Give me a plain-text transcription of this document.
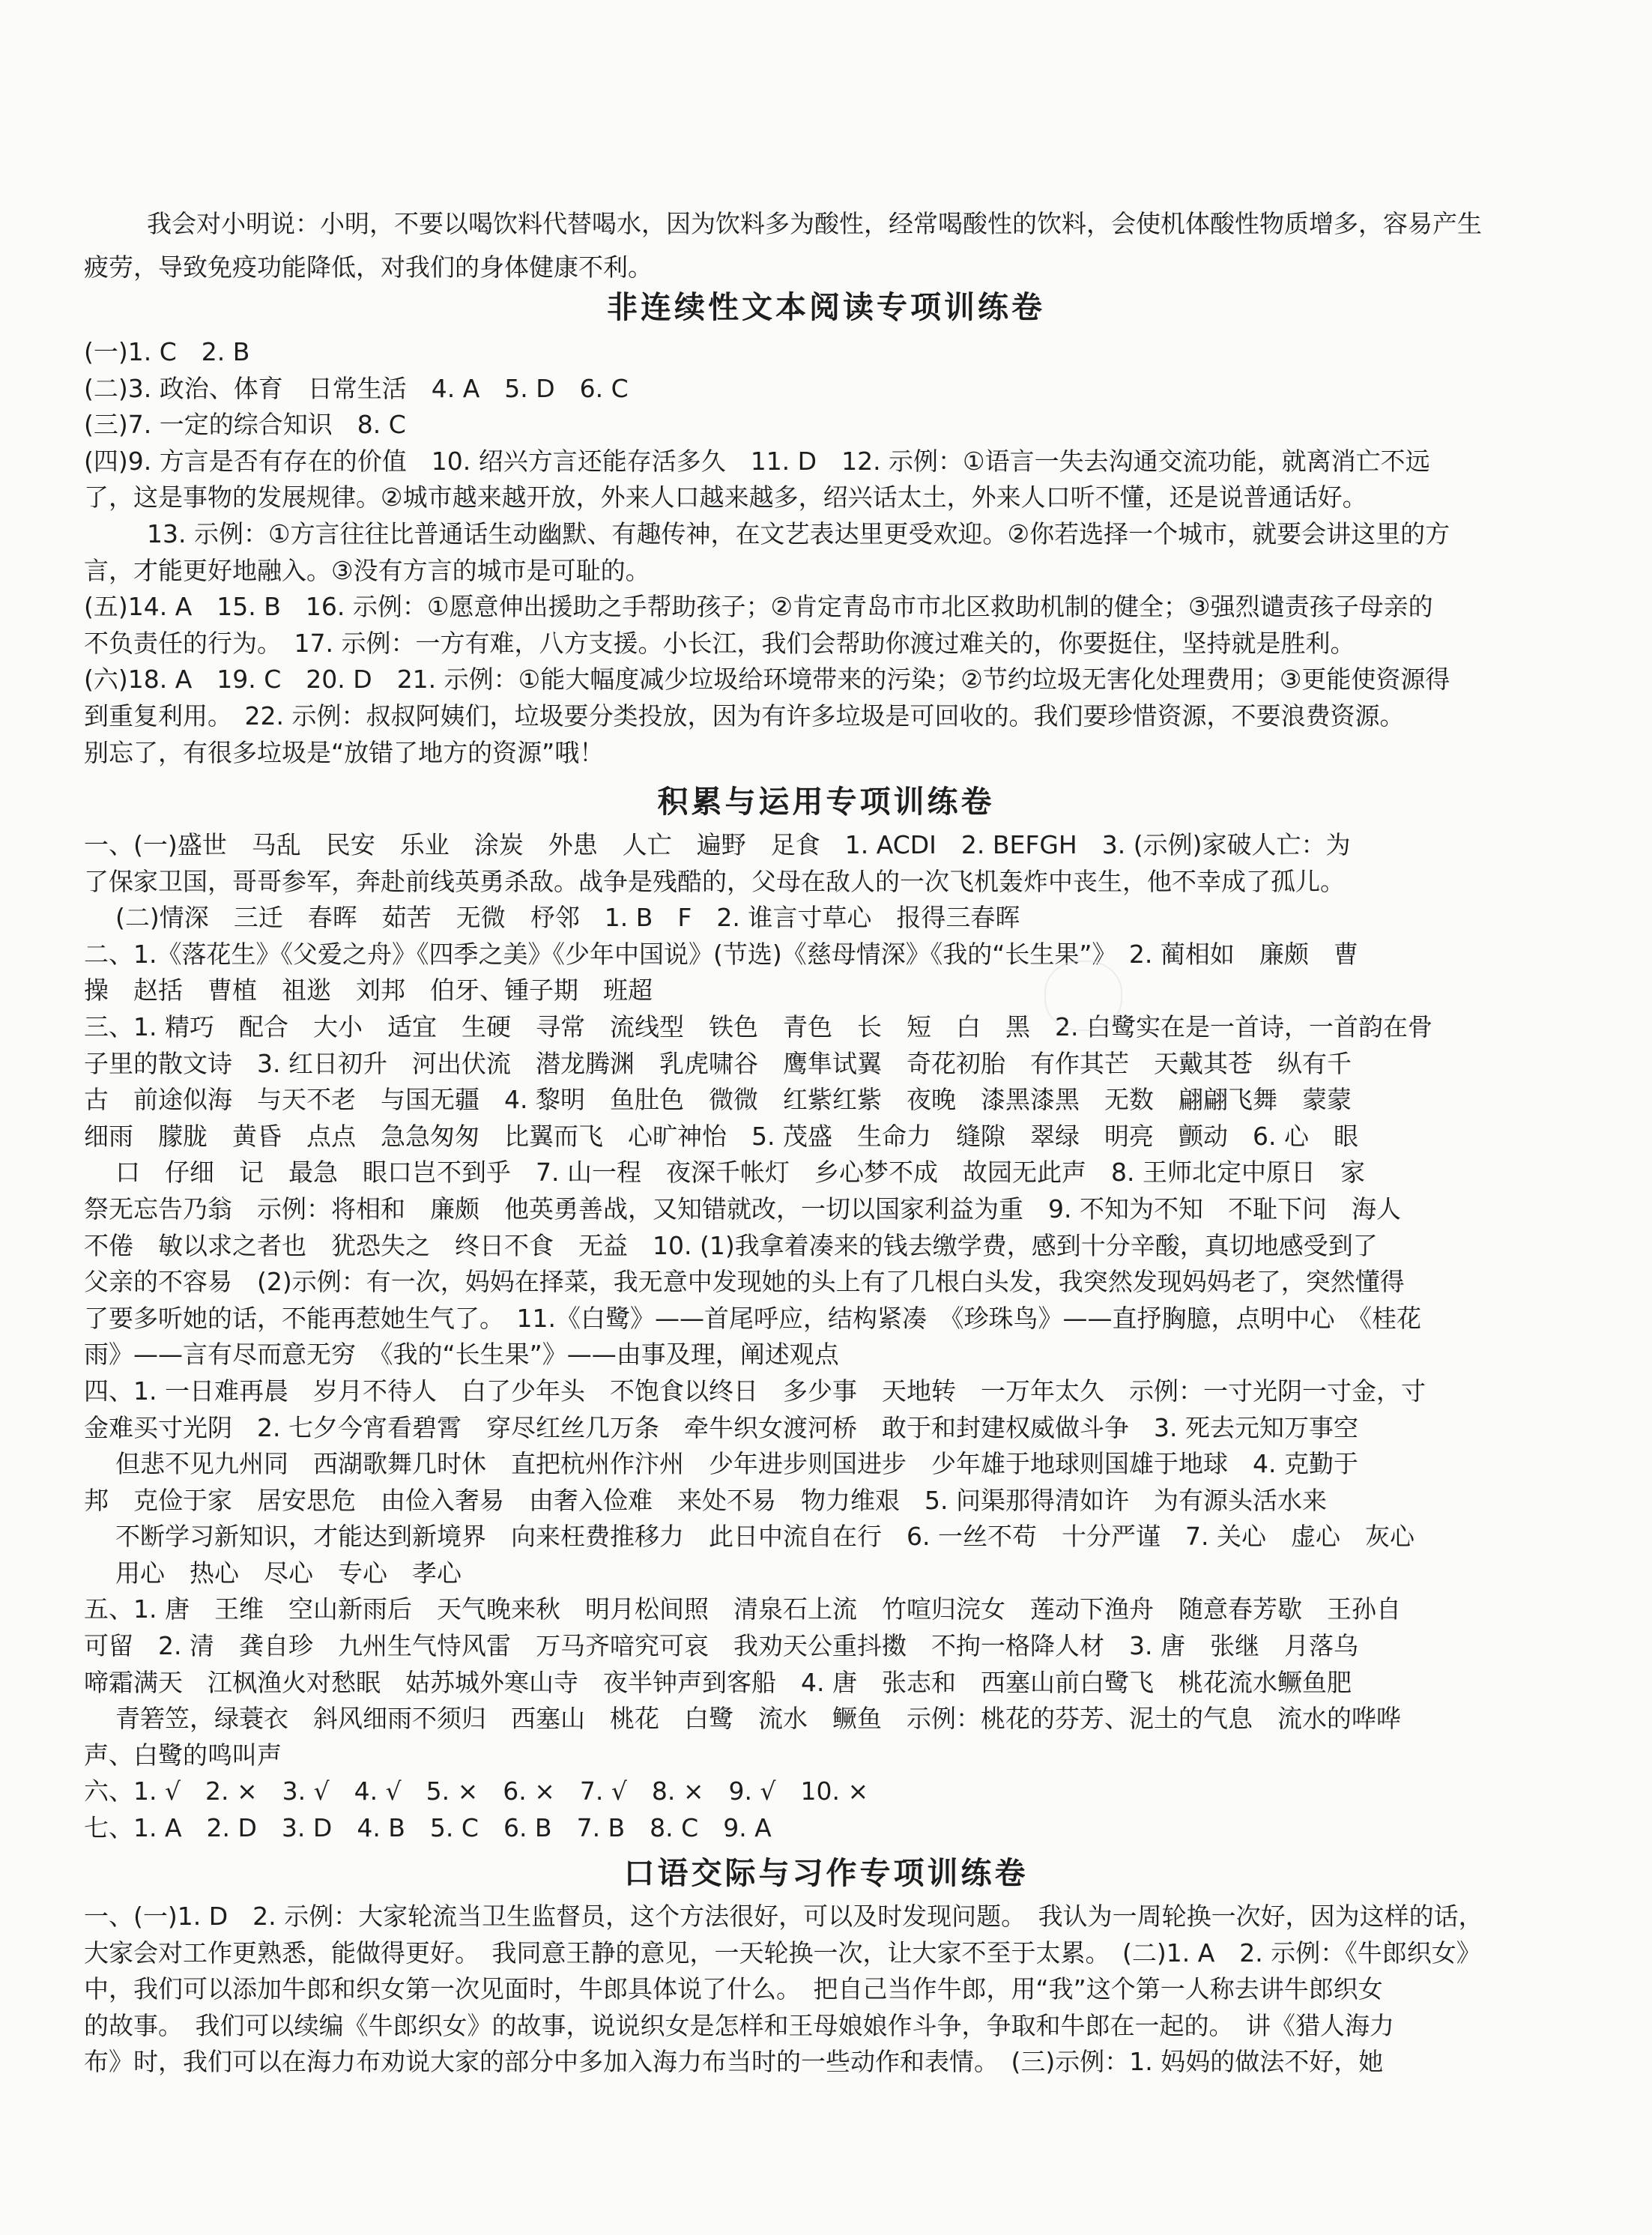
我会对小明说：小明，不要以喝饮料代替喝水，因为饮料多为酸性，经常喝酸性的饮料，会使机体酸性物质增多，容易产生

疲劳，导致免疫功能降低，对我们的身体健康不利。

非连续性文本阅读专项训练卷

(一)1. C　2. B

(二)3. 政治、体育　日常生活　4. A　5. D　6. C

(三)7. 一定的综合知识　8. C

(四)9. 方言是否有存在的价值　10. 绍兴方言还能存活多久　11. D　12. 示例：①语言一失去沟通交流功能，就离消亡不远

了，这是事物的发展规律。②城市越来越开放，外来人口越来越多，绍兴话太土，外来人口听不懂，还是说普通话好。

13. 示例：①方言往往比普通话生动幽默、有趣传神，在文艺表达里更受欢迎。②你若选择一个城市，就要会讲这里的方

言，才能更好地融入。③没有方言的城市是可耻的。

(五)14. A　15. B　16. 示例：①愿意伸出援助之手帮助孩子；②肯定青岛市市北区救助机制的健全；③强烈谴责孩子母亲的

不负责任的行为。　17. 示例：一方有难，八方支援。小长江，我们会帮助你渡过难关的，你要挺住，坚持就是胜利。

(六)18. A　19. C　20. D　21. 示例：①能大幅度减少垃圾给环境带来的污染；②节约垃圾无害化处理费用；③更能使资源得

到重复利用。　22. 示例：叔叔阿姨们，垃圾要分类投放，因为有许多垃圾是可回收的。我们要珍惜资源，不要浪费资源。

别忘了，有很多垃圾是“放错了地方的资源”哦！

积累与运用专项训练卷

一、(一)盛世　马乱　民安　乐业　涂炭　外患　人亡　遍野　足食　1. ACDI　2. BEFGH　3. (示例)家破人亡：为

了保家卫国，哥哥参军，奔赴前线英勇杀敌。战争是残酷的，父母在敌人的一次飞机轰炸中丧生，他不幸成了孤儿。

(二)情深　三迁　春晖　茹苦　无微　杼邻　1. B　F　2. 谁言寸草心　报得三春晖

二、1.《落花生》《父爱之舟》《四季之美》《少年中国说》(节选)《慈母情深》《我的“长生果”》　2. 蔺相如　廉颇　曹

操　赵括　曹植　祖逖　刘邦　伯牙、锺子期　班超

三、1. 精巧　配合　大小　适宜　生硬　寻常　流线型　铁色　青色　长　短　白　黑　2. 白鹭实在是一首诗，一首韵在骨

子里的散文诗　3. 红日初升　河出伏流　潜龙腾渊　乳虎啸谷　鹰隼试翼　奇花初胎　有作其芒　天戴其苍　纵有千

古　前途似海　与天不老　与国无疆　4. 黎明　鱼肚色　微微　红紫红紫　夜晚　漆黑漆黑　无数　翩翩飞舞　蒙蒙

细雨　朦胧　黄昏　点点　急急匆匆　比翼而飞　心旷神怡　5. 茂盛　生命力　缝隙　翠绿　明亮　颤动　6. 心　眼

口　仔细　记　最急　眼口岂不到乎　7. 山一程　夜深千帐灯　乡心梦不成　故园无此声　8. 王师北定中原日　家

祭无忘告乃翁　示例：将相和　廉颇　他英勇善战，又知错就改，一切以国家利益为重　9. 不知为不知　不耻下问　海人

不倦　敏以求之者也　犹恐失之　终日不食　无益　10. (1)我拿着凑来的钱去缴学费，感到十分辛酸，真切地感受到了

父亲的不容易　(2)示例：有一次，妈妈在择菜，我无意中发现她的头上有了几根白头发，我突然发现妈妈老了，突然懂得

了要多听她的话，不能再惹她生气了。　11.《白鹭》——首尾呼应，结构紧凑　《珍珠鸟》——直抒胸臆，点明中心　《桂花

雨》——言有尽而意无穷　《我的“长生果”》——由事及理，阐述观点

四、1. 一日难再晨　岁月不待人　白了少年头　不饱食以终日　多少事　天地转　一万年太久　示例：一寸光阴一寸金，寸

金难买寸光阴　2. 七夕今宵看碧霄　穿尽红丝几万条　牵牛织女渡河桥　敢于和封建权威做斗争　3. 死去元知万事空

但悲不见九州同　西湖歌舞几时休　直把杭州作汴州　少年进步则国进步　少年雄于地球则国雄于地球　4. 克勤于

邦　克俭于家　居安思危　由俭入奢易　由奢入俭难　来处不易　物力维艰　5. 问渠那得清如许　为有源头活水来

不断学习新知识，才能达到新境界　向来枉费推移力　此日中流自在行　6. 一丝不苟　十分严谨　7. 关心　虚心　灰心

用心　热心　尽心　专心　孝心

五、1. 唐　王维　空山新雨后　天气晚来秋　明月松间照　清泉石上流　竹喧归浣女　莲动下渔舟　随意春芳歇　王孙自

可留　2. 清　龚自珍　九州生气恃风雷　万马齐喑究可哀　我劝天公重抖擞　不拘一格降人材　3. 唐　张继　月落乌

啼霜满天　江枫渔火对愁眠　姑苏城外寒山寺　夜半钟声到客船　4. 唐　张志和　西塞山前白鹭飞　桃花流水鳜鱼肥

青箬笠，绿蓑衣　斜风细雨不须归　西塞山　桃花　白鹭　流水　鳜鱼　示例：桃花的芬芳、泥土的气息　流水的哗哗

声、白鹭的鸣叫声

六、1. √　2. ×　3. √　4. √　5. ×　6. ×　7. √　8. ×　9. √　10. ×

七、1. A　2. D　3. D　4. B　5. C　6. B　7. B　8. C　9. A

口语交际与习作专项训练卷

一、(一)1. D　2. 示例：大家轮流当卫生监督员，这个方法很好，可以及时发现问题。　我认为一周轮换一次好，因为这样的话，

大家会对工作更熟悉，能做得更好。　我同意王静的意见，一天轮换一次，让大家不至于太累。　(二)1. A　2. 示例：《牛郎织女》

中，我们可以添加牛郎和织女第一次见面时，牛郎具体说了什么。　把自己当作牛郎，用“我”这个第一人称去讲牛郎织女

的故事。　我们可以续编《牛郎织女》的故事，说说织女是怎样和王母娘娘作斗争，争取和牛郎在一起的。　讲《猎人海力

布》时，我们可以在海力布劝说大家的部分中多加入海力布当时的一些动作和表情。　(三)示例：1. 妈妈的做法不好，她
